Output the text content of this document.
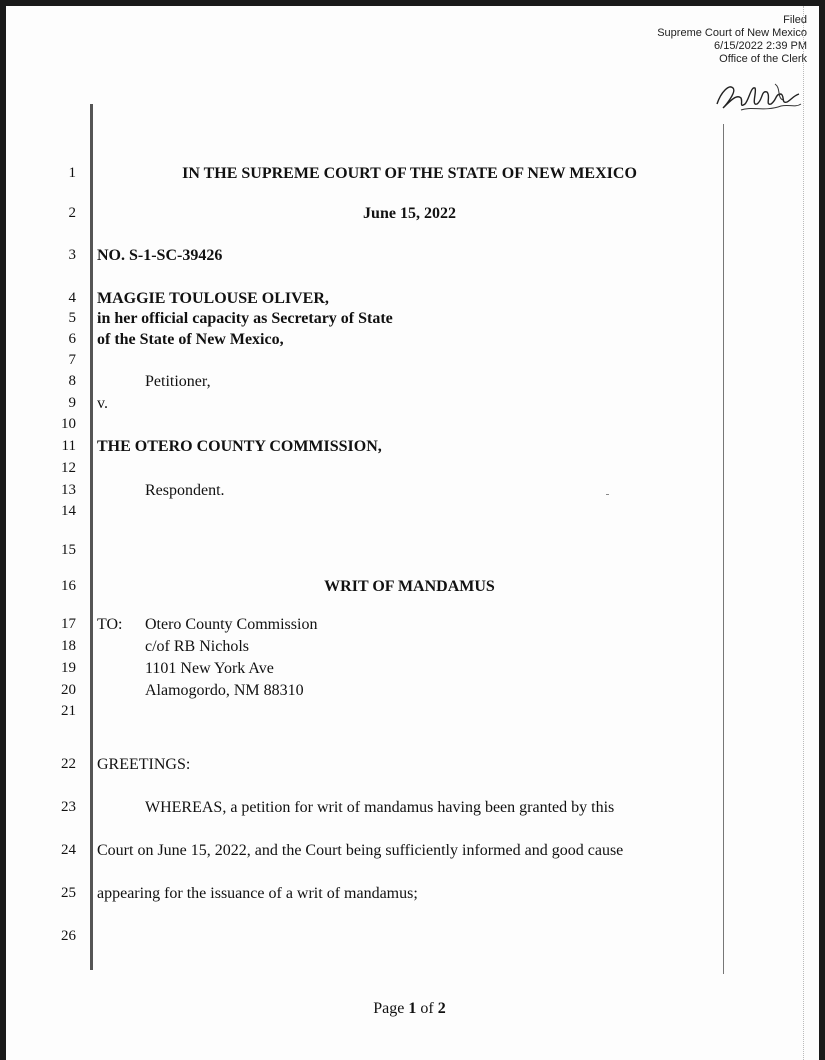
Filed
Supreme Court of New Mexico
6/15/2022 2:39 PM
Office of the Clerk
1
2
3
4
5
6
7
8
9
10
11
12
13
14
15
16
17
18
19
20
21
22
23
24
25
26
IN THE SUPREME COURT OF THE STATE OF NEW MEXICO
June 15, 2022
NO. S-1-SC-39426
MAGGIE TOULOUSE OLIVER,
in her official capacity as Secretary of State
of the State of New Mexico,
Petitioner,
v.
THE OTERO COUNTY COMMISSION,
Respondent.
WRIT OF MANDAMUS
TO: Otero County Commission
c/of RB Nichols
1101 New York Ave
Alamogordo, NM 88310
GREETINGS:
WHEREAS, a petition for writ of mandamus having been granted by this
Court on June 15, 2022, and the Court being sufficiently informed and good cause
appearing for the issuance of a writ of mandamus;
Page 1 of 2
